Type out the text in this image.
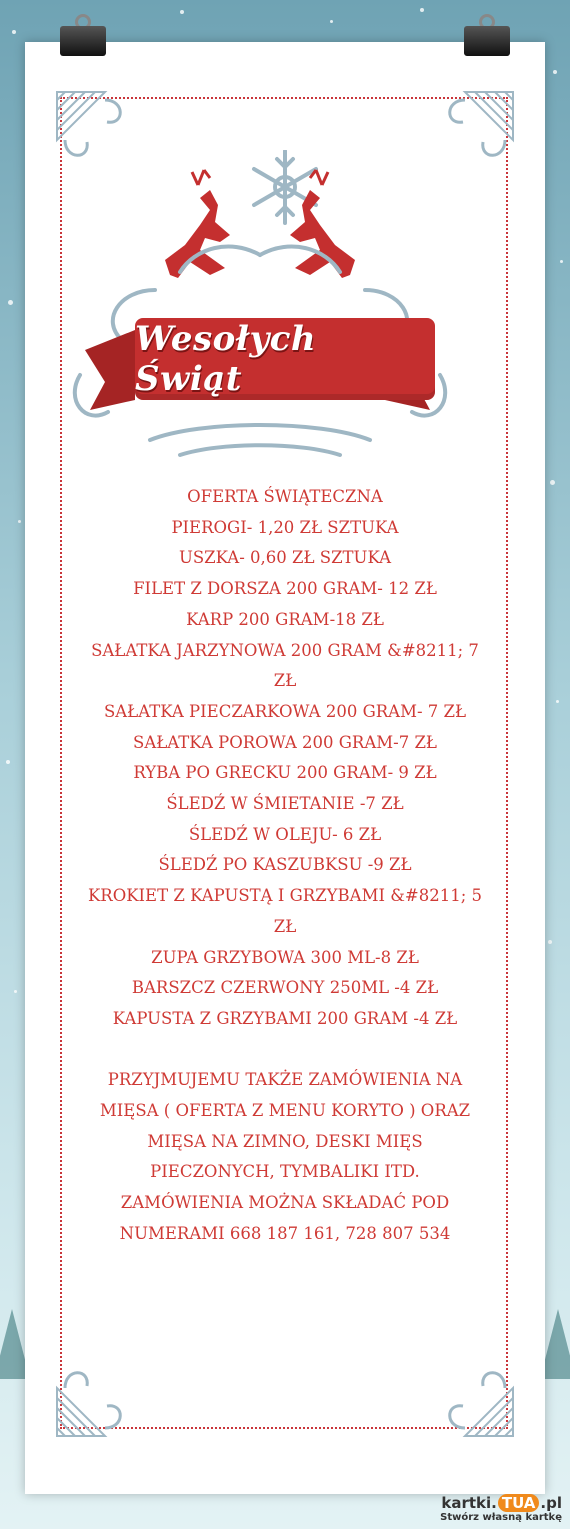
Wesołych Świąt
OFERTA ŚWIĄTECZNA
PIEROGI- 1,20 ZŁ SZTUKA
USZKA- 0,60 ZŁ SZTUKA
FILET Z DORSZA 200 GRAM- 12 ZŁ
KARP 200 GRAM-18 ZŁ
SAŁATKA JARZYNOWA 200 GRAM &#8211; 7
ZŁ
SAŁATKA PIECZARKOWA 200 GRAM- 7 ZŁ
SAŁATKA POROWA 200 GRAM-7 ZŁ
RYBA PO GRECKU 200 GRAM- 9 ZŁ
ŚLEDŹ W ŚMIETANIE -7 ZŁ
ŚLEDŹ W OLEJU- 6 ZŁ
ŚLEDŹ PO KASZUBKSU -9 ZŁ
KROKIET Z KAPUSTĄ I GRZYBAMI &#8211; 5
ZŁ
ZUPA GRZYBOWA 300 ML-8 ZŁ
BARSZCZ CZERWONY 250ML -4 ZŁ
KAPUSTA Z GRZYBAMI 200 GRAM -4 ZŁ
PRZYJMUJEMU TAKŻE ZAMÓWIENIA NA
MIĘSA ( OFERTA Z MENU KORYTO ) ORAZ
MIĘSA NA ZIMNO, DESKI MIĘS
PIECZONYCH, TYMBALIKI ITD.
ZAMÓWIENIA MOŻNA SKŁADAĆ POD
NUMERAMI 668 187 161, 728 807 534
kartki. TUA .pl
Stwórz własną kartkę
